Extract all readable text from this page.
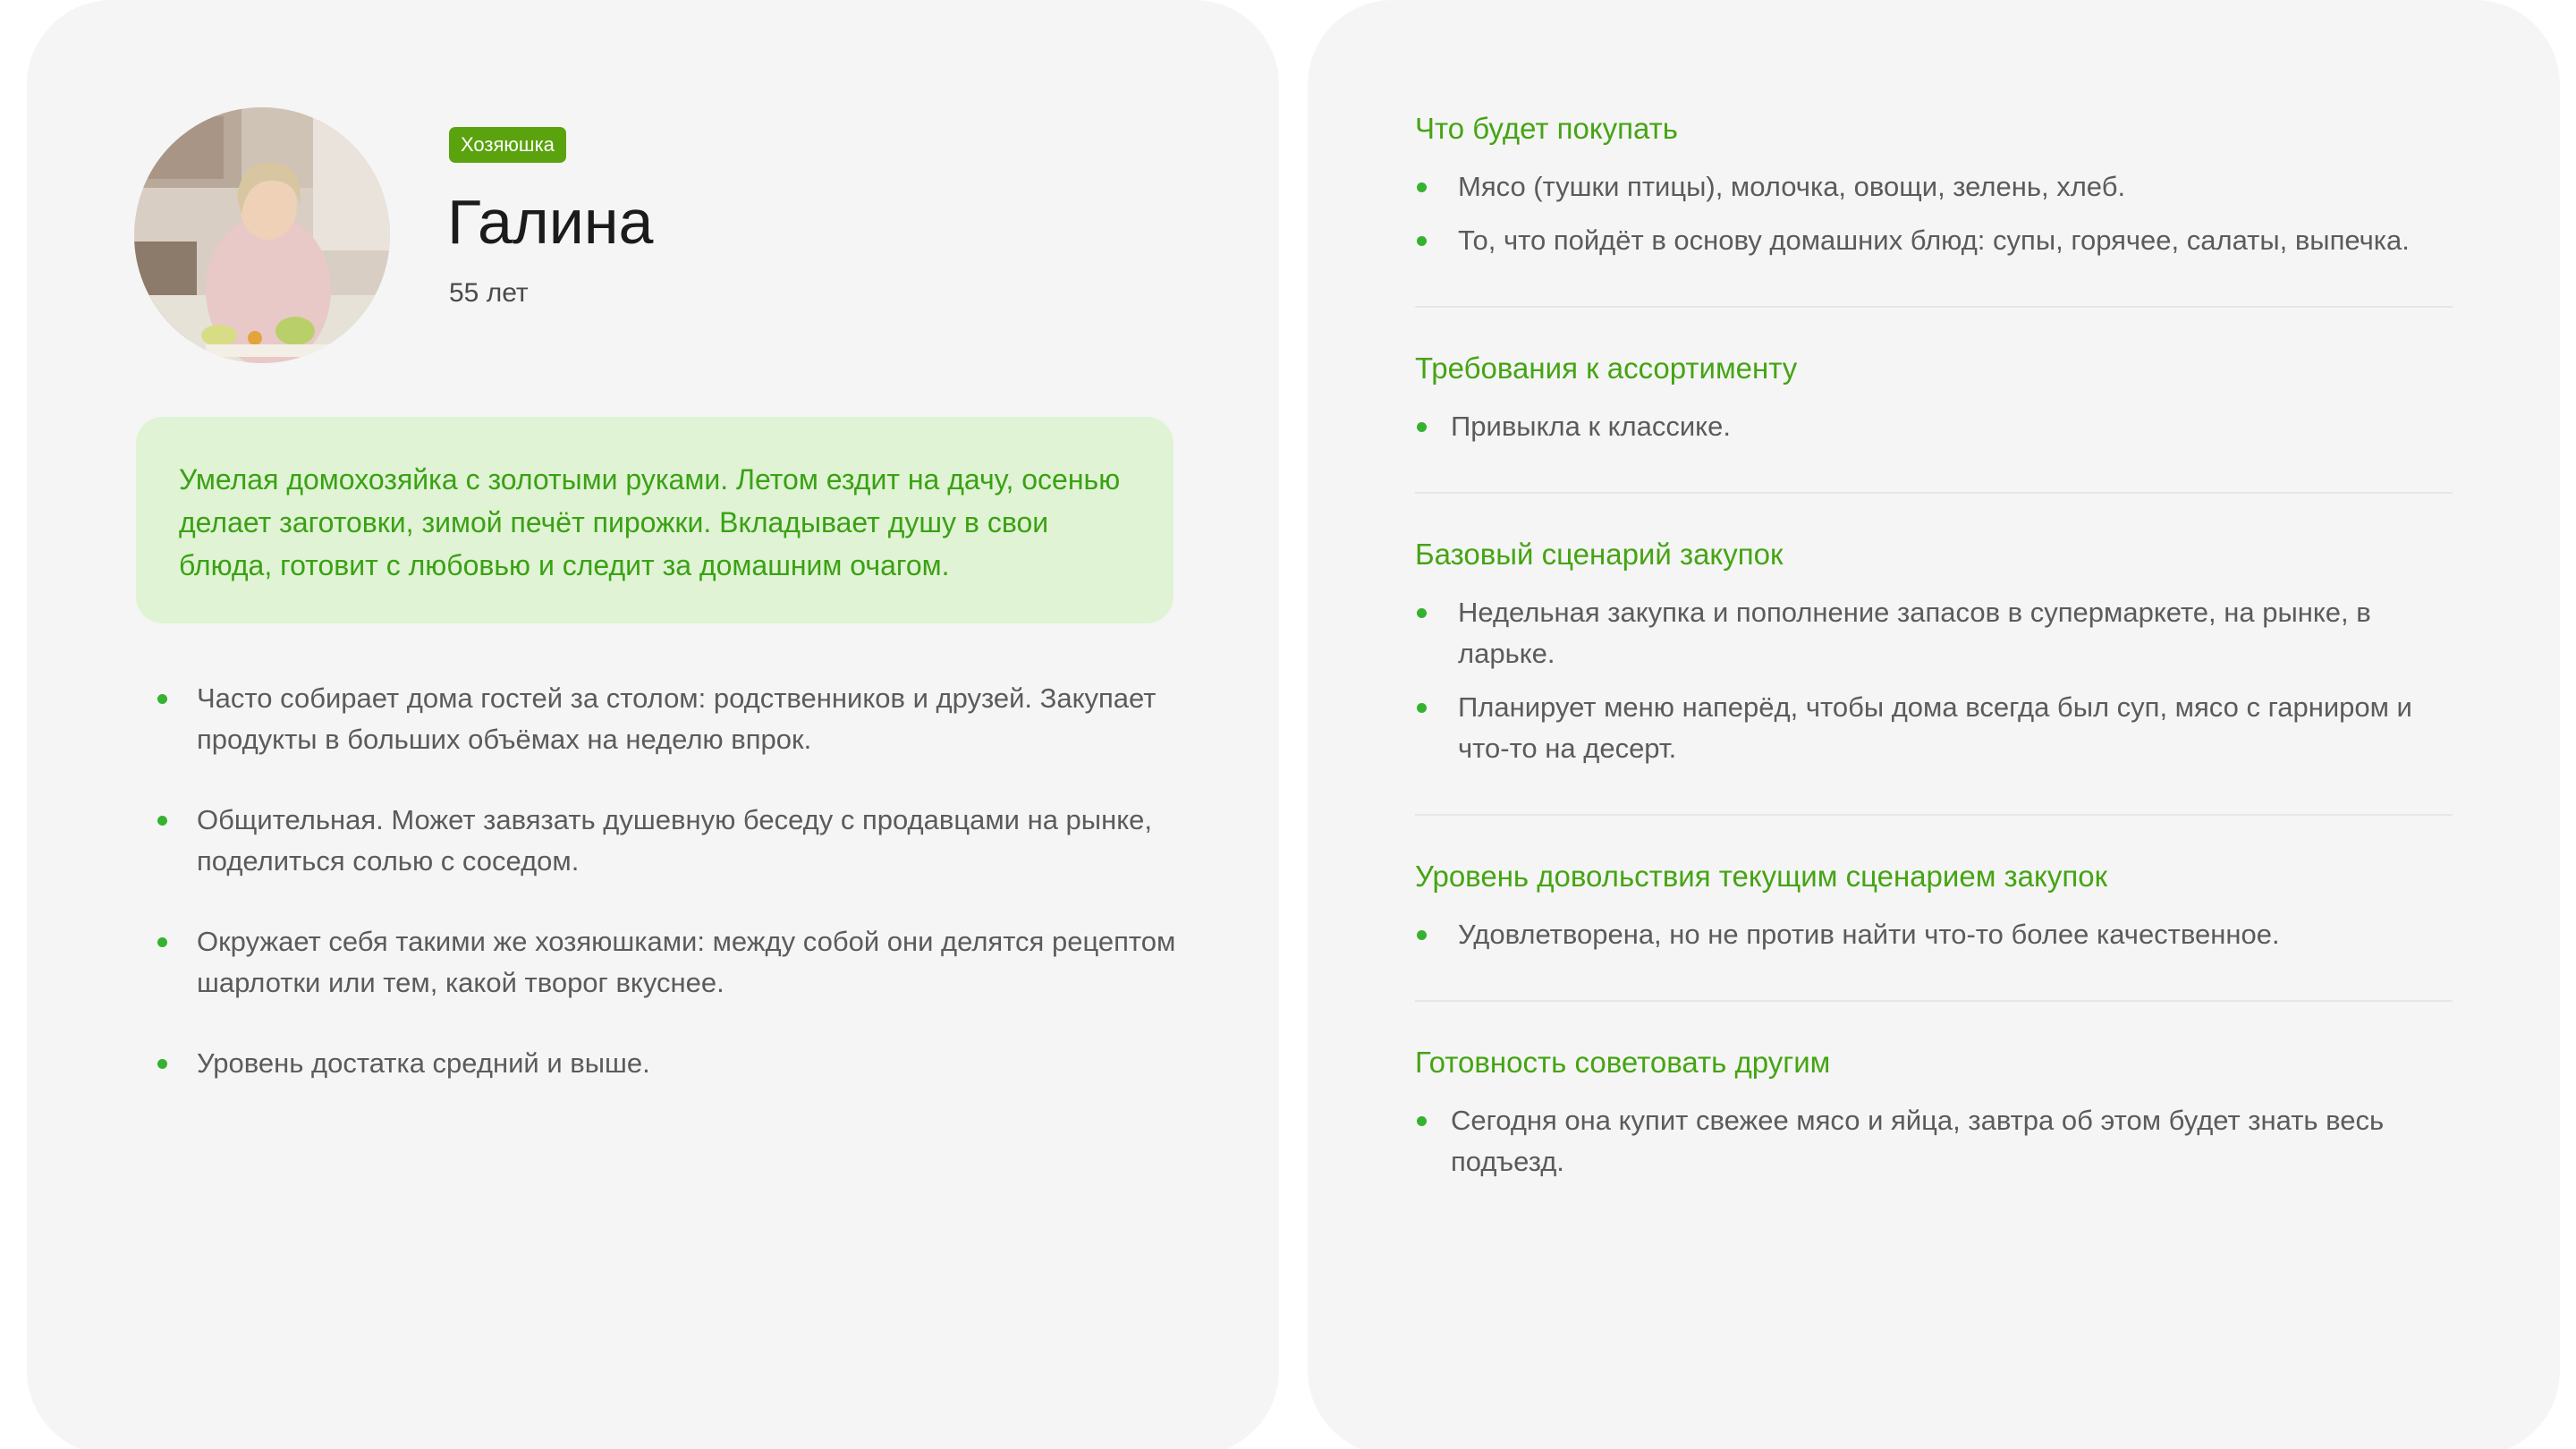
Хозяюшка
Галина
55 лет

Умелая домохозяйка с золотыми руками. Летом ездит на дачу, осенью делает заготовки, зимой печёт пирожки. Вкладывает душу в свои блюда, готовит с любовью и следит за домашним очагом.

Часто собирает дома гостей за столом: родственников и друзей. Закупает продукты в больших объёмах на неделю впрок.
Общительная. Может завязать душевную беседу с продавцами на рынке, поделиться солью с соседом.
Окружает себя такими же хозяюшками: между собой они делятся рецептом шарлотки или тем, какой творог вкуснее.
Уровень достатка средний и выше.
Что будет покупать
Мясо (тушки птицы), молочка, овощи, зелень, хлеб.
То, что пойдёт в основу домашних блюд: супы, горячее, салаты, выпечка.
Требования к ассортименту
Привыкла к классике.
Базовый сценарий закупок
Недельная закупка и пополнение запасов в супермаркете, на рынке, в ларьке.
Планирует меню наперёд, чтобы дома всегда был суп, мясо с гарниром и что-то на десерт.
Уровень довольствия текущим сценарием закупок
Удовлетворена, но не против найти что-то более качественное.
Готовность советовать другим
Сегодня она купит свежее мясо и яйца, завтра об этом будет знать весь подъезд.
